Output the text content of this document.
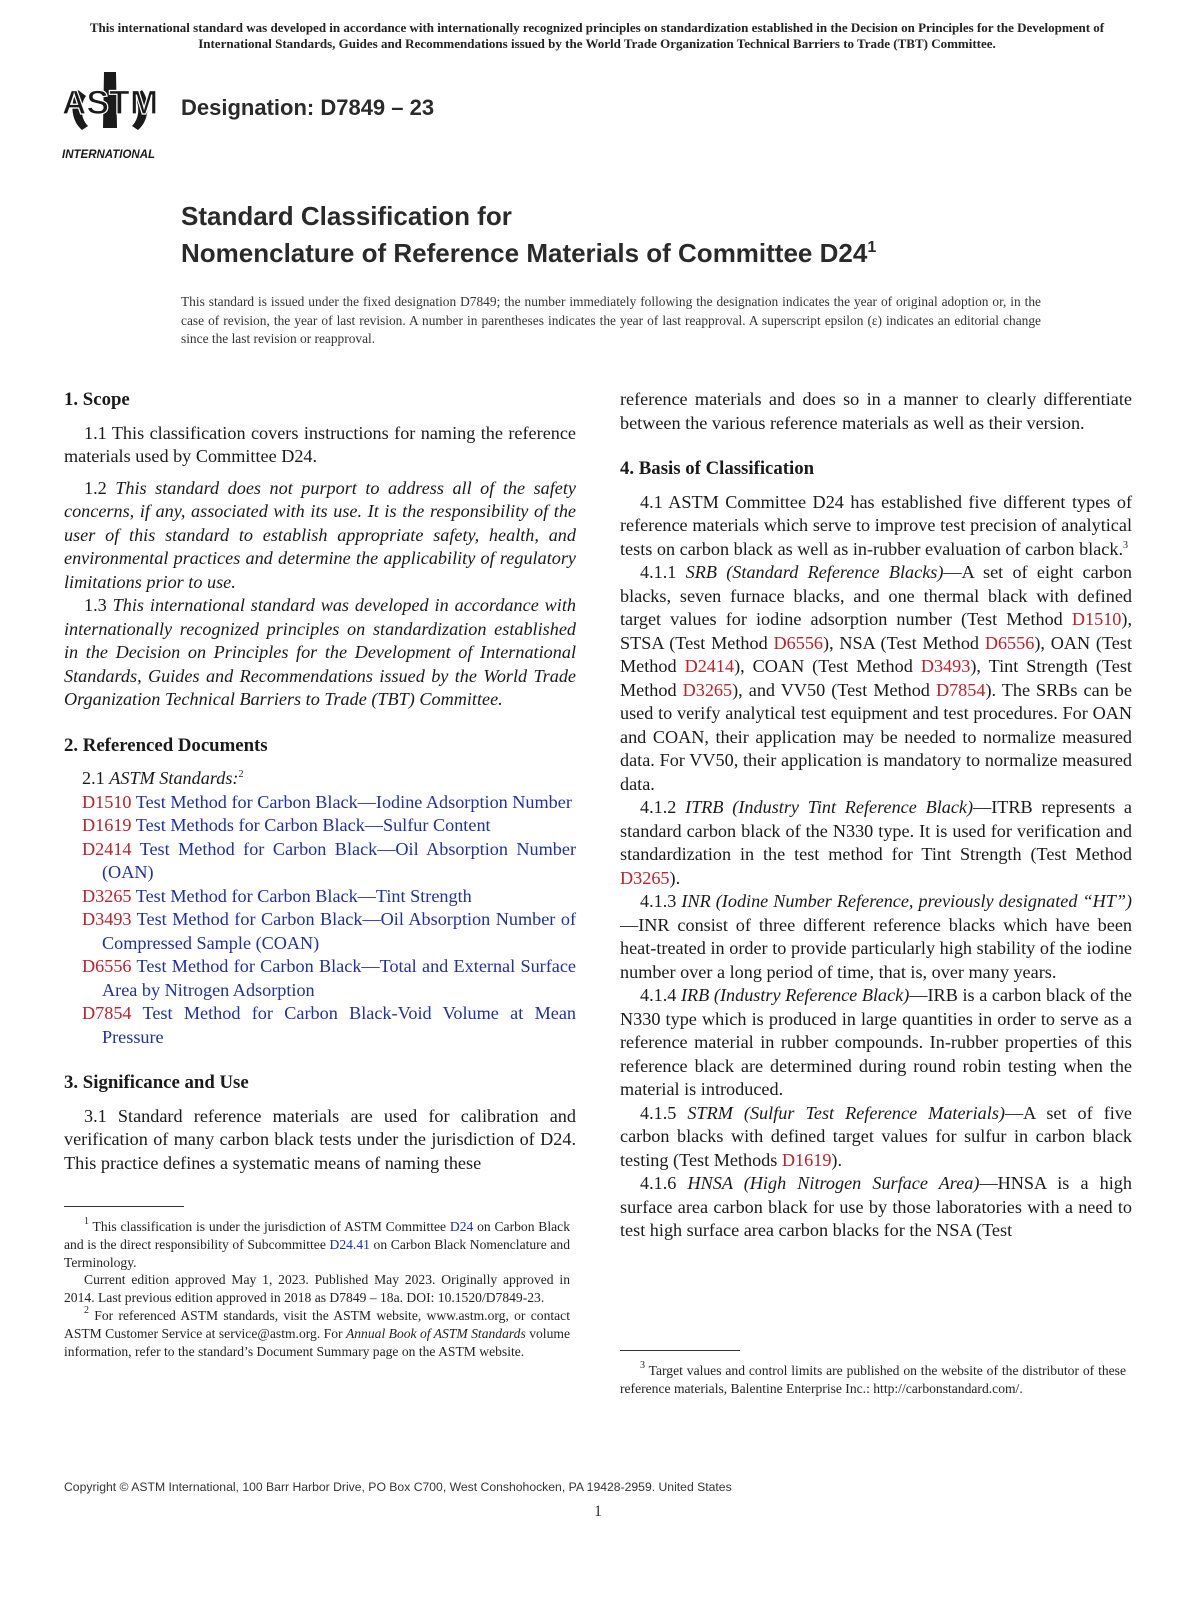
This international standard was developed in accordance with internationally recognized principles on standardization established in the Decision on Principles for the Development of International Standards, Guides and Recommendations issued by the World Trade Organization Technical Barriers to Trade (TBT) Committee.
ASTM
INTERNATIONAL
Designation: D7849 – 23
Standard Classification for
Nomenclature of Reference Materials of Committee $D24^1$
This standard is issued under the fixed designation D7849; the number immediately following the designation indicates the year of original adoption or, in the case of revision, the year of last revision. A number in parentheses indicates the year of last reapproval. A superscript epsilon (ε) indicates an editorial change since the last revision or reapproval.
1. Scope

1.1 This classification covers instructions for naming the reference materials used by Committee D24.

1.2 This standard does not purport to address all of the safety concerns, if any, associated with its use. It is the responsibility of the user of this standard to establish appropriate safety, health, and environmental practices and determine the applicability of regulatory limitations prior to use.

1.3 This international standard was developed in accordance with internationally recognized principles on standardization established in the Decision on Principles for the Development of International Standards, Guides and Recommendations issued by the World Trade Organization Technical Barriers to Trade (TBT) Committee.

2. Referenced Documents

2.1 ASTM Standards:$^2$

D1510 Test Method for Carbon Black—Iodine Adsorption Number

D1619 Test Methods for Carbon Black—Sulfur Content

D2414 Test Method for Carbon Black—Oil Absorption Number (OAN)

D3265 Test Method for Carbon Black—Tint Strength

D3493 Test Method for Carbon Black—Oil Absorption Number of Compressed Sample (COAN)

D6556 Test Method for Carbon Black—Total and External Surface Area by Nitrogen Adsorption

D7854 Test Method for Carbon Black-Void Volume at Mean Pressure

3. Significance and Use

3.1 Standard reference materials are used for calibration and verification of many carbon black tests under the jurisdiction of D24. This practice defines a systematic means of naming these

$^1$ This classification is under the jurisdiction of ASTM Committee D24 on Carbon Black and is the direct responsibility of Subcommittee D24.41 on Carbon Black Nomenclature and Terminology.

Current edition approved May 1, 2023. Published May 2023. Originally approved in 2014. Last previous edition approved in 2018 as D7849 – 18a. DOI: 10.1520/D7849-23.

$^2$ For referenced ASTM standards, visit the ASTM website, www.astm.org, or contact ASTM Customer Service at service@astm.org. For Annual Book of ASTM Standards volume information, refer to the standard’s Document Summary page on the ASTM website.

reference materials and does so in a manner to clearly differentiate between the various reference materials as well as their version.

4. Basis of Classification

4.1 ASTM Committee D24 has established five different types of reference materials which serve to improve test precision of analytical tests on carbon black as well as in-rubber evaluation of carbon black.$^3$

4.1.1 SRB (Standard Reference Blacks)—A set of eight carbon blacks, seven furnace blacks, and one thermal black with defined target values for iodine adsorption number (Test Method D1510), STSA (Test Method D6556), NSA (Test Method D6556), OAN (Test Method D2414), COAN (Test Method D3493), Tint Strength (Test Method D3265), and VV50 (Test Method D7854). The SRBs can be used to verify analytical test equipment and test procedures. For OAN and COAN, their application may be needed to normalize measured data. For VV50, their application is mandatory to normalize measured data.

4.1.2 ITRB (Industry Tint Reference Black)—ITRB represents a standard carbon black of the N330 type. It is used for verification and standardization in the test method for Tint Strength (Test Method D3265).

4.1.3 INR (Iodine Number Reference, previously designated “HT”)—INR consist of three different reference blacks which have been heat-treated in order to provide particularly high stability of the iodine number over a long period of time, that is, over many years.

4.1.4 IRB (Industry Reference Black)—IRB is a carbon black of the N330 type which is produced in large quantities in order to serve as a reference material in rubber compounds. In-rubber properties of this reference black are determined during round robin testing when the material is introduced.

4.1.5 STRM (Sulfur Test Reference Materials)—A set of five carbon blacks with defined target values for sulfur in carbon black testing (Test Methods D1619).

4.1.6 HNSA (High Nitrogen Surface Area)—HNSA is a high surface area carbon black for use by those laboratories with a need to test high surface area carbon blacks for the NSA (Test

$^3$ Target values and control limits are published on the website of the distributor of these reference materials, Balentine Enterprise Inc.: http://carbonstandard.com/.

Copyright © ASTM International, 100 Barr Harbor Drive, PO Box C700, West Conshohocken, PA 19428-2959. United States
1
